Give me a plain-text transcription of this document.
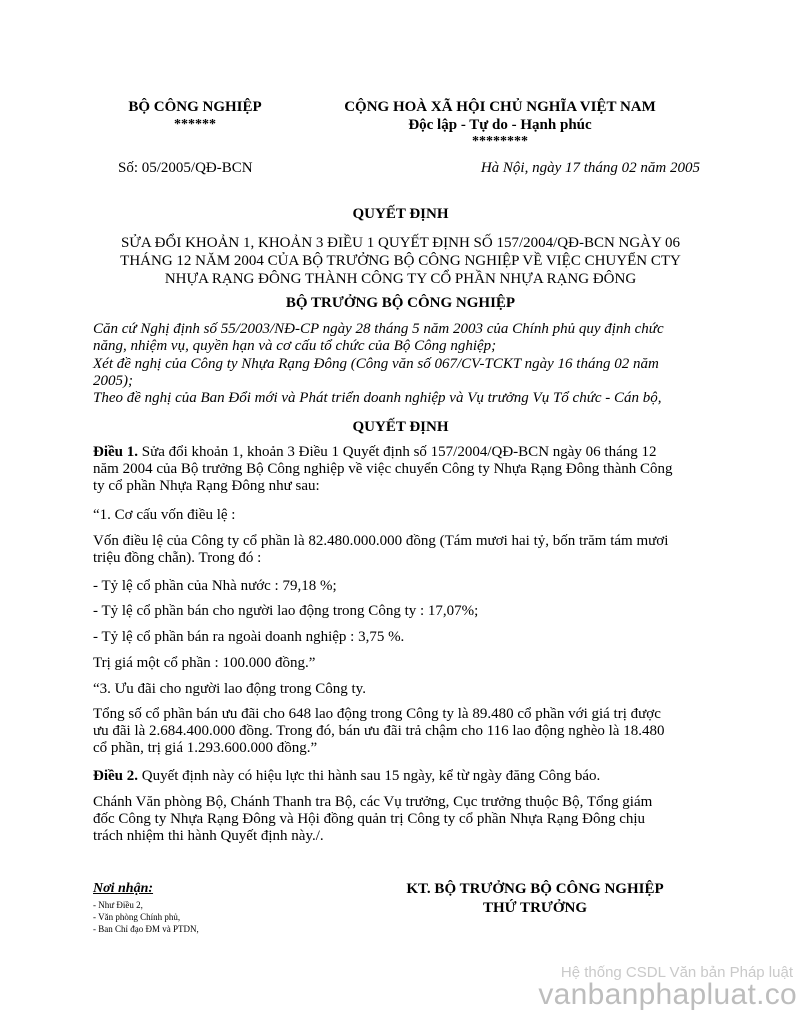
BỘ CÔNG NGHIỆP
******
CỘNG HOÀ XÃ HỘI CHỦ NGHĨA VIỆT NAM
Độc lập - Tự do - Hạnh phúc
********
Số: 05/2005/QĐ-BCN	Hà Nội, ngày 17 tháng 02 năm 2005
QUYẾT ĐỊNH
SỬA ĐỔI KHOẢN 1, KHOẢN 3 ĐIỀU 1 QUYẾT ĐỊNH SỐ 157/2004/QĐ-BCN NGÀY 06
THÁNG 12 NĂM 2004 CỦA BỘ TRƯỞNG BỘ CÔNG NGHIỆP VỀ VIỆC CHUYỂN CTY
NHỰA RẠNG ĐÔNG THÀNH CÔNG TY CỔ PHẦN NHỰA RẠNG ĐÔNG
BỘ TRƯỞNG BỘ CÔNG NGHIỆP
Căn cứ Nghị định số 55/2003/NĐ-CP ngày 28 tháng 5 năm 2003 của Chính phủ quy định chức
năng, nhiệm vụ, quyền hạn và cơ cấu tổ chức của Bộ Công nghiệp;
Xét đề nghị của Công ty Nhựa Rạng Đông (Công văn số 067/CV-TCKT ngày 16 tháng 02 năm
2005);
Theo đề nghị của Ban Đổi mới và Phát triển doanh nghiệp và Vụ trưởng Vụ Tổ chức - Cán bộ,
QUYẾT ĐỊNH
Điều 1. Sửa đổi khoản 1, khoản 3 Điều 1 Quyết định số 157/2004/QĐ-BCN ngày 06 tháng 12
năm 2004 của Bộ trưởng Bộ Công nghiệp về việc chuyển Công ty Nhựa Rạng Đông thành Công
ty cổ phần Nhựa Rạng Đông như sau:
“1. Cơ cấu vốn điều lệ :
Vốn điều lệ của Công ty cổ phần là 82.480.000.000 đồng (Tám mươi hai tỷ, bốn trăm tám mươi
triệu đồng chẵn). Trong đó :
- Tỷ lệ cổ phần của Nhà nước : 79,18 %;
- Tỷ lệ cổ phần bán cho người lao động trong Công ty : 17,07%;
- Tỷ lệ cổ phần bán ra ngoài doanh nghiệp : 3,75 %.
Trị giá một cổ phần : 100.000 đồng.”
“3. Ưu đãi cho người lao động trong Công ty.
Tổng số cổ phần bán ưu đãi cho 648 lao động trong Công ty là 89.480 cổ phần với giá trị được
ưu đãi là 2.684.400.000 đồng. Trong đó, bán ưu đãi trả chậm cho 116 lao động nghèo là 18.480
cổ phần, trị giá 1.293.600.000 đồng.”
Điều 2. Quyết định này có hiệu lực thi hành sau 15 ngày, kể từ ngày đăng Công báo.
Chánh Văn phòng Bộ, Chánh Thanh tra Bộ, các Vụ trưởng, Cục trưởng thuộc Bộ, Tổng giám
đốc Công ty Nhựa Rạng Đông và Hội đồng quản trị Công ty cổ phần Nhựa Rạng Đông chịu
trách nhiệm thi hành Quyết định này./.
Nơi nhận:
- Như Điều 2,
- Văn phòng Chính phủ,
- Ban Chỉ đạo ĐM và PTDN,
KT. BỘ TRƯỞNG BỘ CÔNG NGHIỆP
THỨ TRƯỞNG
Hệ thống CSDL Văn bản Pháp luật
vanbanphapluat.co
